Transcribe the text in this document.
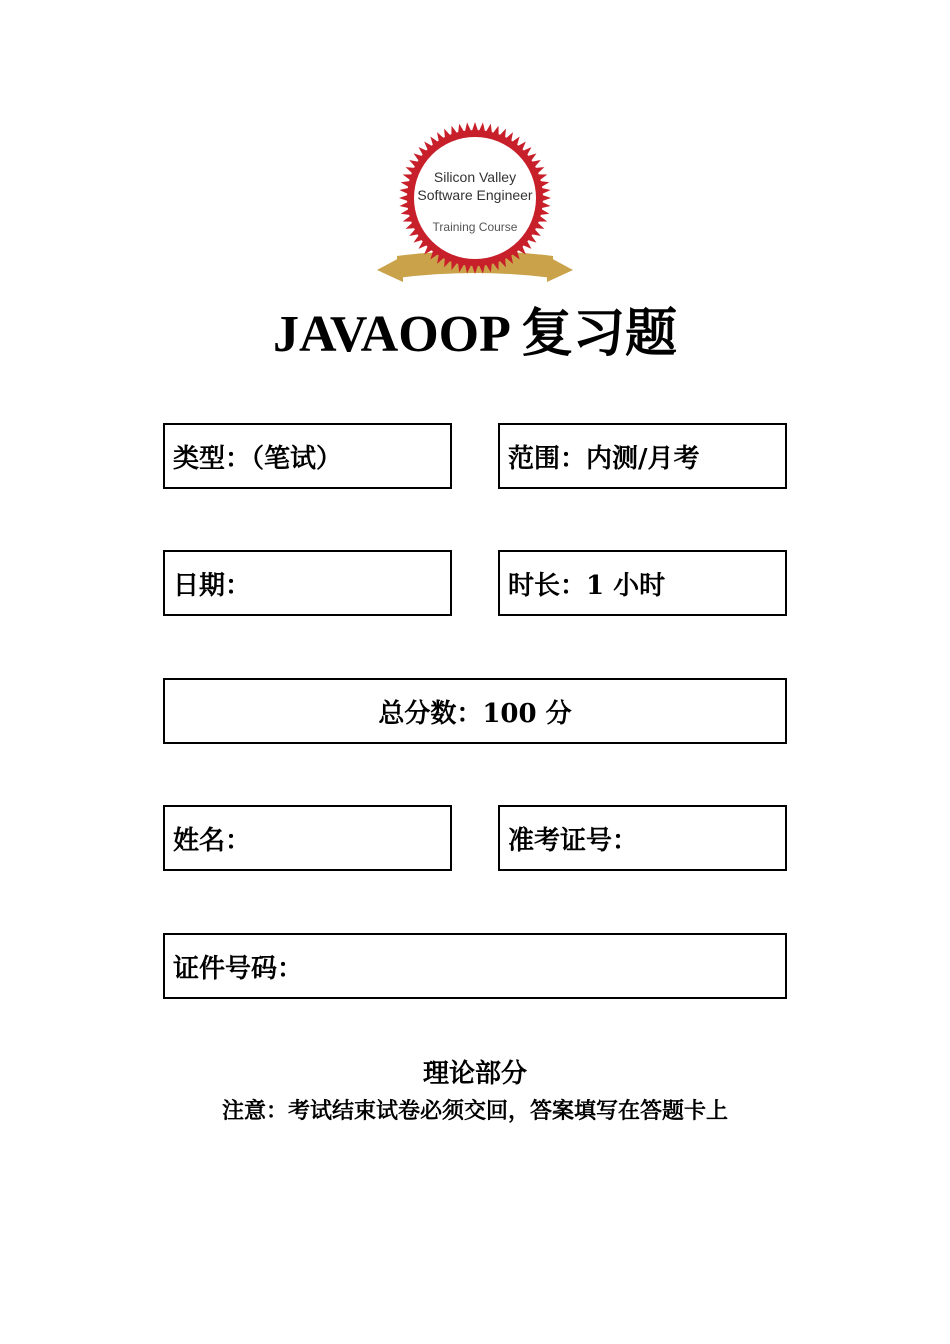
Silicon Valley
Software Engineer
Training Course
JAVAOOP 复习题
类型：（笔试）	范围：内测/月考
日期：	时长：1 小时
总分数：100 分
姓名：	准考证号：
证件号码：
理论部分
注意：考试结束试卷必须交回，答案填写在答题卡上
